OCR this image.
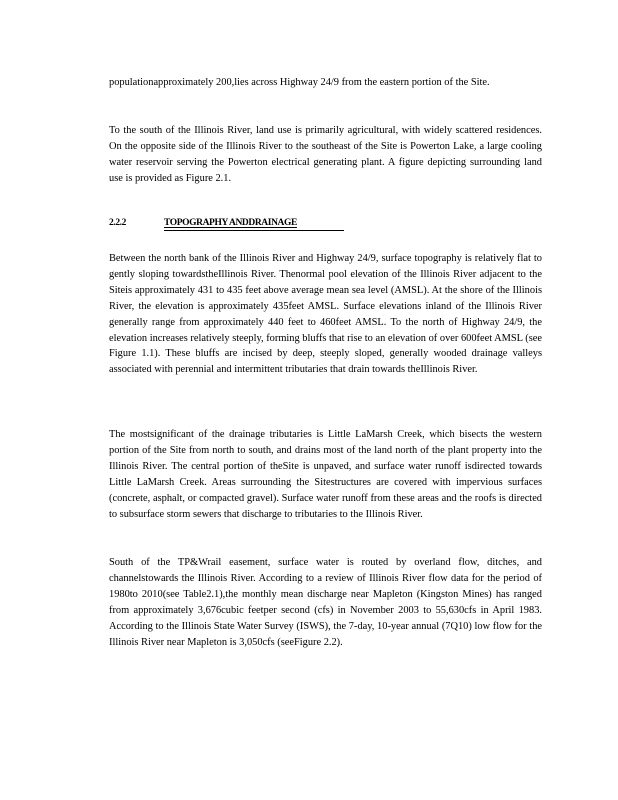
populationapproximately 200,lies across Highway 24/9 from the eastern portion of the Site.

To the south of the Illinois River, land use is primarily agricultural, with widely scattered residences. On the opposite side of the Illinois River to the southeast of the Site is Powerton Lake, a large cooling water reservoir serving the Powerton electrical generating plant. A figure depicting surrounding land use is provided as Figure 2.1.

2.2.2	TOPOGRAPHY ANDDRAINAGE

Between the north bank of the Illinois River and Highway 24/9, surface topography is relatively flat to gently sloping towardstheIllinois River. Thenormal pool elevation of the Illinois River adjacent to the Siteis approximately 431 to 435 feet above average mean sea level (AMSL). At the shore of the Illinois River, the elevation is approximately 435feet AMSL. Surface elevations inland of the Illinois River generally range from approximately 440 feet to 460feet AMSL. To the north of Highway 24/9, the elevation increases relatively steeply, forming bluffs that rise to an elevation of over 600feet AMSL (see Figure 1.1). These bluffs are incised by deep, steeply sloped, generally wooded drainage valleys associated with perennial and intermittent tributaries that drain towards theIllinois River.

The mostsignificant of the drainage tributaries is Little LaMarsh Creek, which bisects the western portion of the Site from north to south, and drains most of the land north of the plant property into the Illinois River. The central portion of theSite is unpaved, and surface water runoff isdirected towards Little LaMarsh Creek. Areas surrounding the Sitestructures are covered with impervious surfaces (concrete, asphalt, or compacted gravel). Surface water runoff from these areas and the roofs is directed to subsurface storm sewers that discharge to tributaries to the Illinois River.

South of the TP&Wrail easement, surface water is routed by overland flow, ditches, and channelstowards the Illinois River. According to a review of Illinois River flow data for the period of 1980to 2010(see Table2.1),the monthly mean discharge near Mapleton (Kingston Mines) has ranged from approximately 3,676cubic feetper second (cfs) in November 2003 to 55,630cfs in April 1983. According to the Illinois State Water Survey (ISWS), the 7-day, 10-year annual (7Q10) low flow for the Illinois River near Mapleton is 3,050cfs (seeFigure 2.2).
